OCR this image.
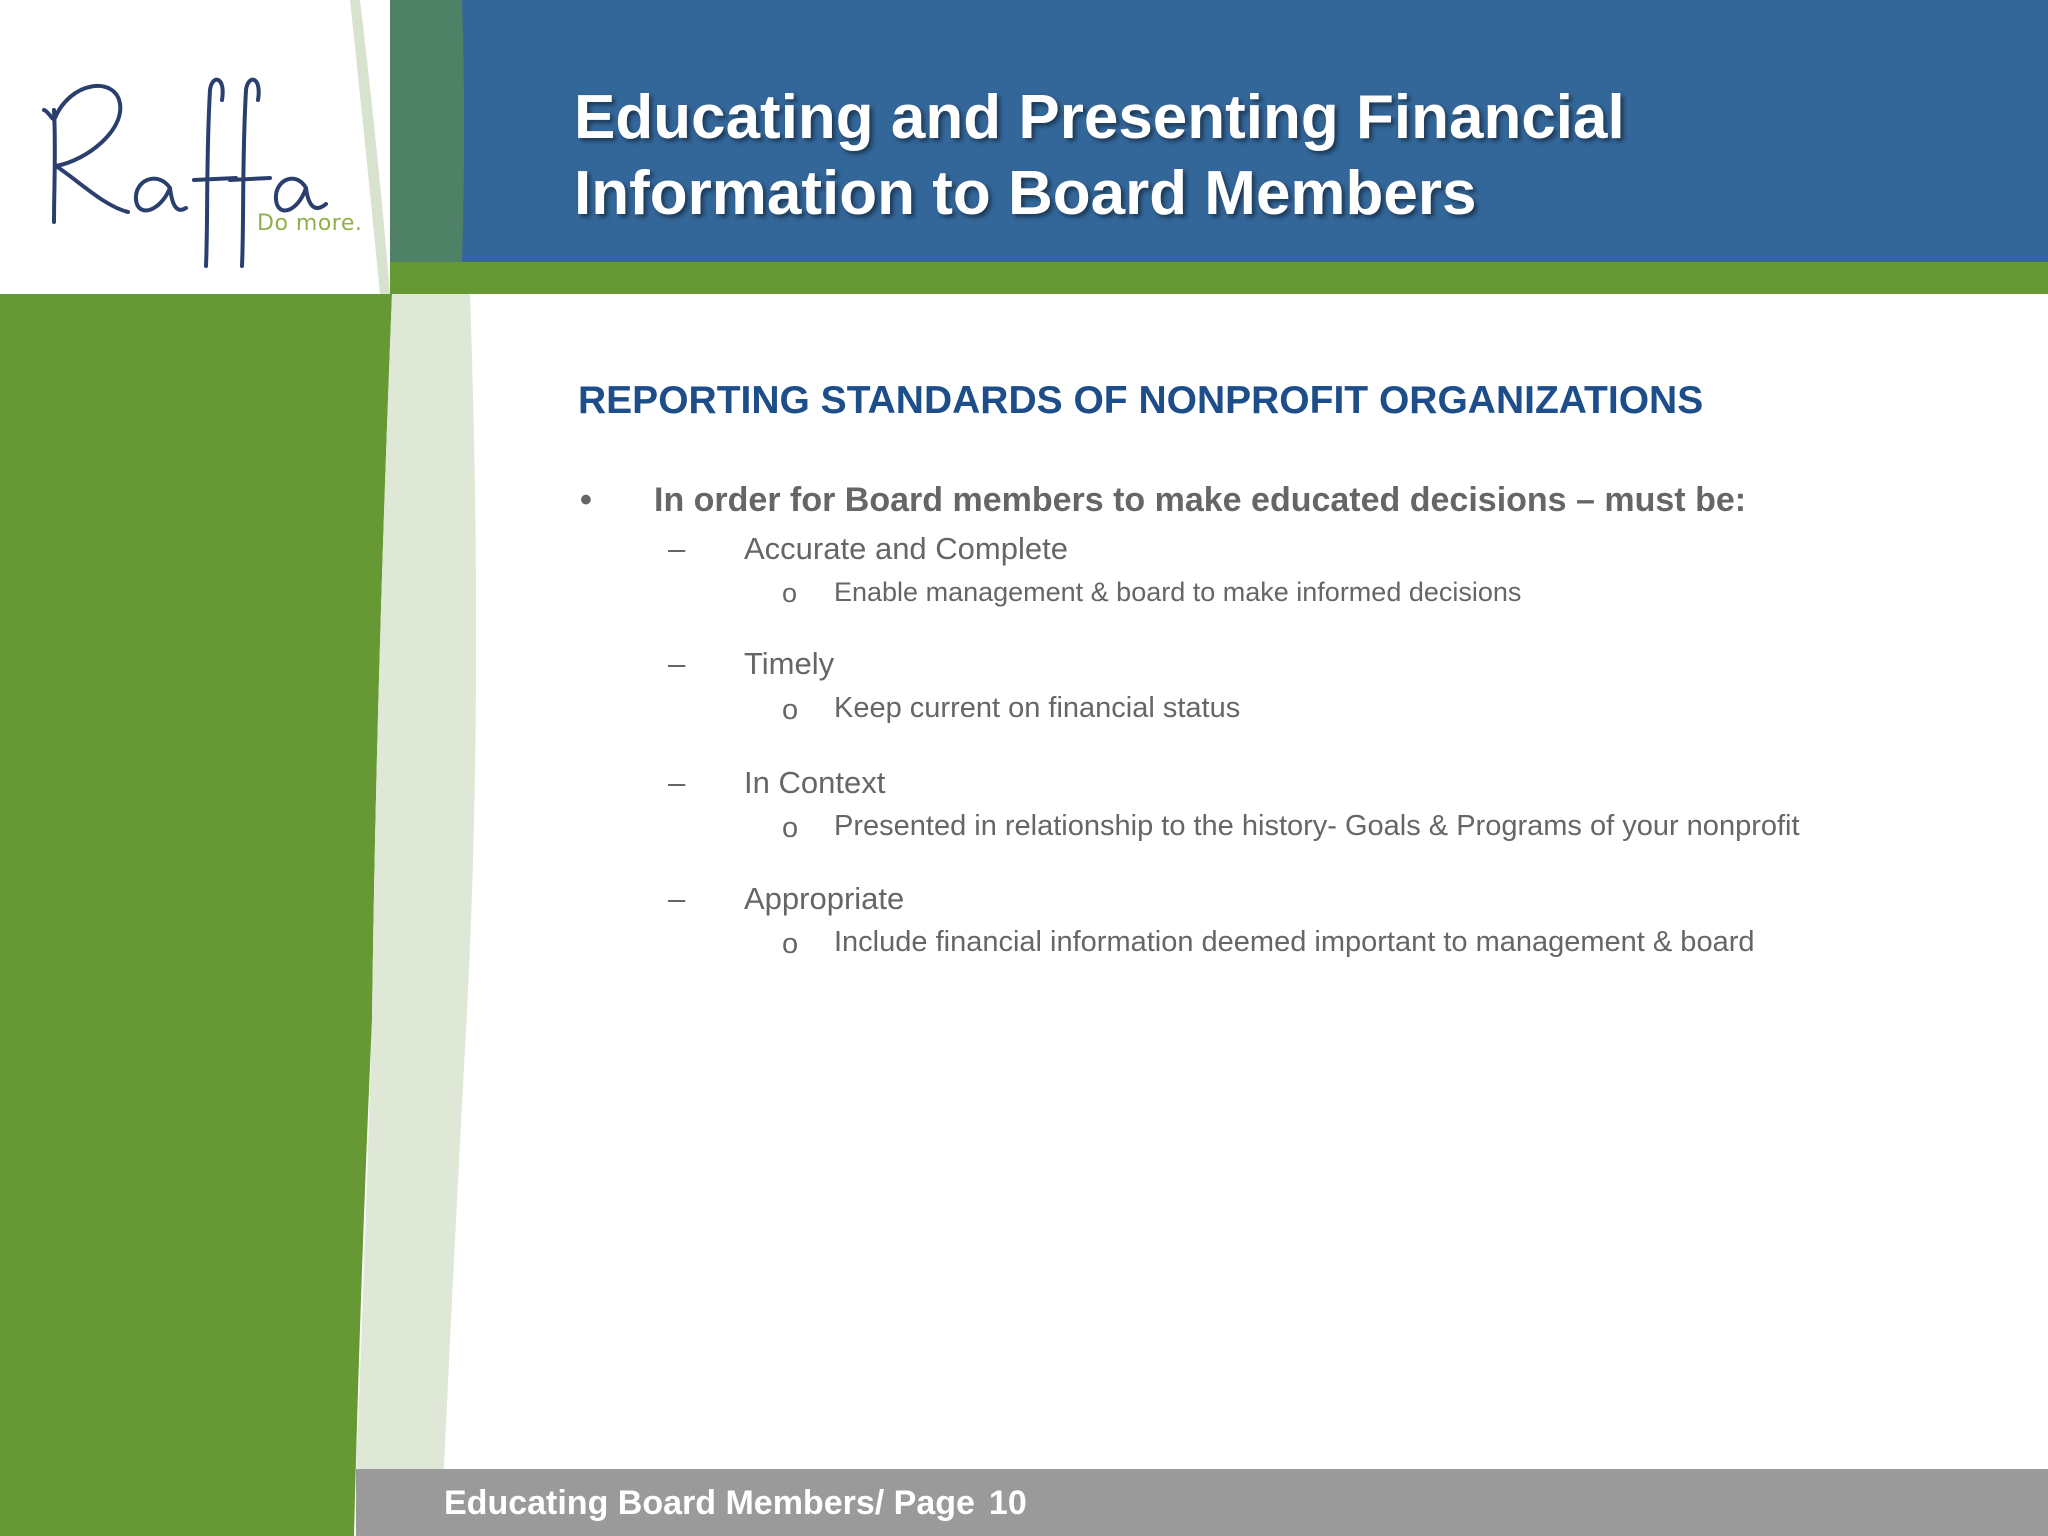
Do more.
Educating and Presenting Financial
Information to Board Members
REPORTING STANDARDS OF NONPROFIT ORGANIZATIONS
• In order for Board members to make educated decisions – must be:
– Accurate and Complete
o Enable management & board to make informed decisions
– Timely
o Keep current on financial status
– In Context
o Presented in relationship to the history- Goals & Programs of your nonprofit
– Appropriate
o Include financial information deemed important to management & board
Educating Board Members/ Page 10
